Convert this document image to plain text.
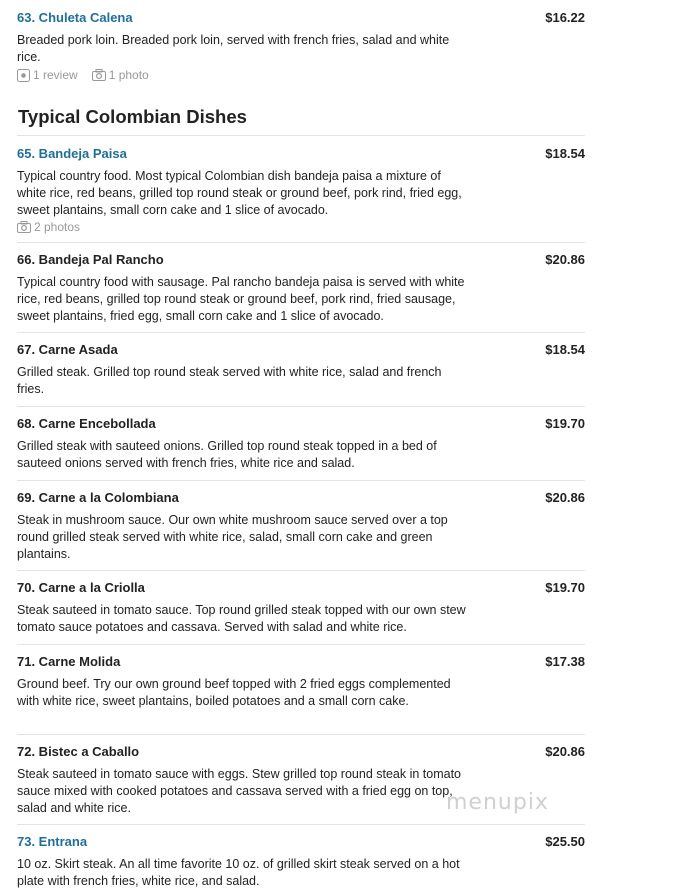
63. Chuleta Calena	$16.22

Breaded pork loin. Breaded pork loin, served with french fries, salad and white rice.

1 review	1 photo
Typical Colombian Dishes
65. Bandeja Paisa	$18.54

Typical country food. Most typical Colombian dish bandeja paisa a mixture of white rice, red beans, grilled top round steak or ground beef, pork rind, fried egg, sweet plantains, small corn cake and 1 slice of avocado.

2 photos
66. Bandeja Pal Rancho	$20.86

Typical country food with sausage. Pal rancho bandeja paisa is served with white rice, red beans, grilled top round steak or ground beef, pork rind, fried sausage, sweet plantains, fried egg, small corn cake and 1 slice of avocado.

67. Carne Asada	$18.54

Grilled steak. Grilled top round steak served with white rice, salad and french fries.

68. Carne Encebollada	$19.70

Grilled steak with sauteed onions. Grilled top round steak topped in a bed of sauteed onions served with french fries, white rice and salad.

69. Carne a la Colombiana	$20.86

Steak in mushroom sauce. Our own white mushroom sauce served over a top round grilled steak served with white rice, salad, small corn cake and green plantains.

70. Carne a la Criolla	$19.70

Steak sauteed in tomato sauce. Top round grilled steak topped with our own stew tomato sauce potatoes and cassava. Served with salad and white rice.

71. Carne Molida	$17.38

Ground beef. Try our own ground beef topped with 2 fried eggs complemented with white rice, sweet plantains, boiled potatoes and a small corn cake.

72. Bistec a Caballo	$20.86

Steak sauteed in tomato sauce with eggs. Stew grilled top round steak in tomato sauce mixed with cooked potatoes and cassava served with a fried egg on top, salad and white rice.

73. Entrana	$25.50

10 oz. Skirt steak. An all time favorite 10 oz. of grilled skirt steak served on a hot plate with french fries, white rice, and salad.

menupix
